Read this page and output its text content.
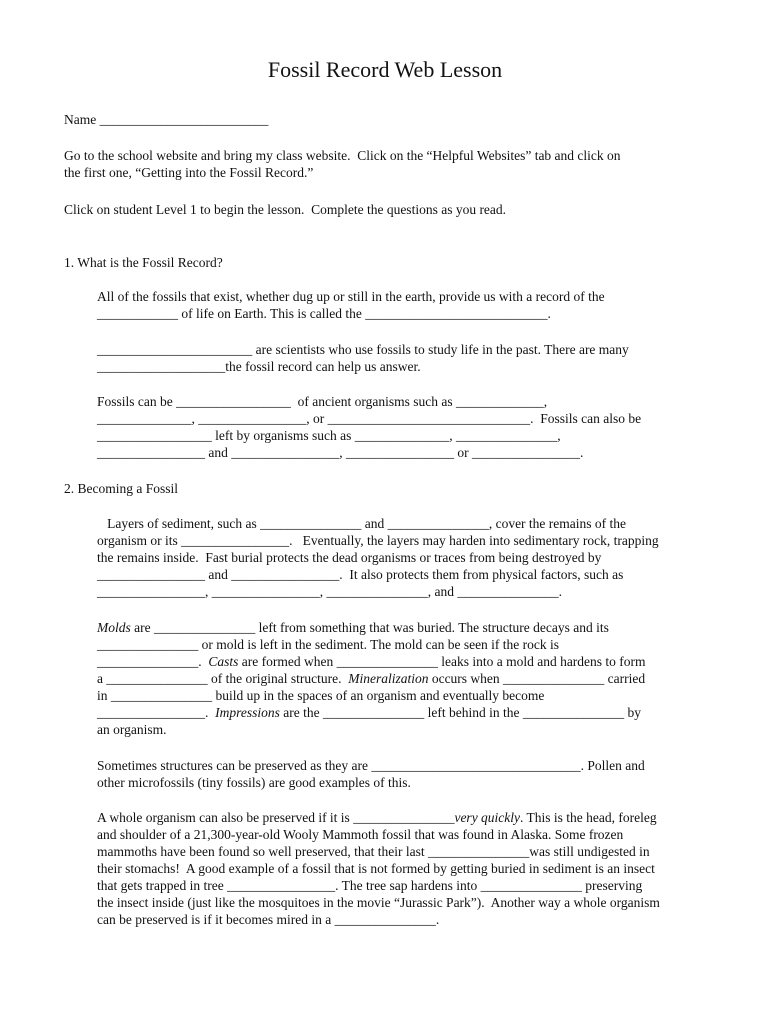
Fossil Record Web Lesson
Name _________________________
Go to the school website and bring my class website.  Click on the “Helpful Websites” tab and click on
the first one, “Getting into the Fossil Record.”
Click on student Level 1 to begin the lesson.  Complete the questions as you read.
1. What is the Fossil Record?
All of the fossils that exist, whether dug up or still in the earth, provide us with a record of the
____________ of life on Earth. This is called the ___________________________.
_______________________ are scientists who use fossils to study life in the past. There are many
___________________the fossil record can help us answer.
Fossils can be _________________  of ancient organisms such as _____________,
______________, ________________, or ______________________________.  Fossils can also be
_________________ left by organisms such as ______________, _______________,
________________ and ________________, ________________ or ________________.
2. Becoming a Fossil
Layers of sediment, such as _______________ and _______________, cover the remains of the
organism or its ________________.   Eventually, the layers may harden into sedimentary rock, trapping
the remains inside.  Fast burial protects the dead organisms or traces from being destroyed by
________________ and ________________.  It also protects them from physical factors, such as
________________, ________________, _______________, and _______________.
Molds are _______________ left from something that was buried. The structure decays and its
_______________ or mold is left in the sediment. The mold can be seen if the rock is
_______________.  Casts are formed when _______________ leaks into a mold and hardens to form
a _______________ of the original structure.  Mineralization occurs when _______________ carried
in _______________ build up in the spaces of an organism and eventually become
________________.  Impressions are the _______________ left behind in the _______________ by
an organism.
Sometimes structures can be preserved as they are _______________________________. Pollen and
other microfossils (tiny fossils) are good examples of this.
A whole organism can also be preserved if it is _______________very quickly. This is the head, foreleg
and shoulder of a 21,300-year-old Wooly Mammoth fossil that was found in Alaska. Some frozen
mammoths have been found so well preserved, that their last _______________was still undigested in
their stomachs!  A good example of a fossil that is not formed by getting buried in sediment is an insect
that gets trapped in tree ________________. The tree sap hardens into _______________ preserving
the insect inside (just like the mosquitoes in the movie “Jurassic Park”).  Another way a whole organism
can be preserved is if it becomes mired in a _______________.
